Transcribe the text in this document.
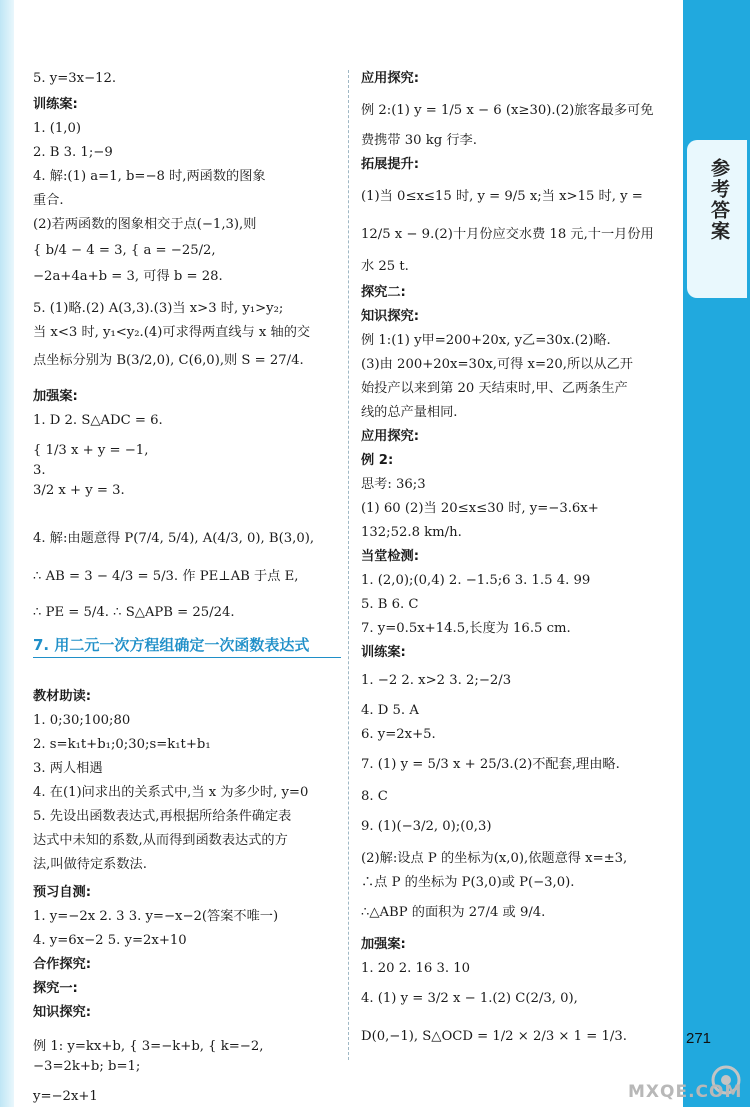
参考答案
5. y=3x−12.
训练案:
1. (1,0)
2. B 3. 1;−9
4. 解:(1) a=1, b=−8 时,两函数的图象
重合.
(2)若两函数的图象相交于点(−1,3),则
{ b/4 − 4 = 3, { a = −25/2,
−2a+4a+b = 3, 可得 b = 28.
5. (1)略.(2) A(3,3).(3)当 x>3 时, y₁>y₂;
当 x<3 时, y₁<y₂.(4)可求得两直线与 x 轴的交
点坐标分别为 B(3/2,0), C(6,0),则 S = 27/4.
加强案:
1. D 2. S△ADC = 6.
{ 1/3 x + y = −1,
3.
3/2 x + y = 3.
4. 解:由题意得 P(7/4, 5/4), A(4/3, 0), B(3,0),
∴ AB = 3 − 4/3 = 5/3. 作 PE⊥AB 于点 E,
∴ PE = 5/4. ∴ S△APB = 25/24.
教材助读:
1. 0;30;100;80
2. s=k₁t+b₁;0;30;s=k₁t+b₁
3. 两人相遇
4. 在(1)问求出的关系式中,当 x 为多少时, y=0
5. 先设出函数表达式,再根据所给条件确定表
达式中未知的系数,从而得到函数表达式的方
法,叫做待定系数法.
预习自测:
1. y=−2x 2. 3 3. y=−x−2(答案不唯一)
4. y=6x−2 5. y=2x+10
合作探究:
探究一:
知识探究:
例 1: y=kx+b, { 3=−k+b, { k=−2,
−3=2k+b; b=1;
y=−2x+1
7. 用二元一次方程组确定一次函数表达式
应用探究:
例 2:(1) y = 1/5 x − 6 (x≥30).(2)旅客最多可免
费携带 30 kg 行李.
拓展提升:
(1)当 0≤x≤15 时, y = 9/5 x;当 x>15 时, y =
12/5 x − 9.(2)十月份应交水费 18 元,十一月份用
水 25 t.
探究二:
知识探究:
例 1:(1) y甲=200+20x, y乙=30x.(2)略.
(3)由 200+20x=30x,可得 x=20,所以从乙开
始投产以来到第 20 天结束时,甲、乙两条生产
线的总产量相同.
应用探究:
例 2:
思考: 36;3
(1) 60 (2)当 20≤x≤30 时, y=−3.6x+
132;52.8 km/h.
当堂检测:
1. (2,0);(0,4) 2. −1.5;6 3. 1.5 4. 99
5. B 6. C
7. y=0.5x+14.5,长度为 16.5 cm.
训练案:
1. −2 2. x>2 3. 2;−2/3
4. D 5. A
6. y=2x+5.
7. (1) y = 5/3 x + 25/3.(2)不配套,理由略.
8. C
9. (1)(−3/2, 0);(0,3)
(2)解:设点 P 的坐标为(x,0),依题意得 x=±3,
∴点 P 的坐标为 P(3,0)或 P(−3,0).
∴△ABP 的面积为 27/4 或 9/4.
加强案:
1. 20 2. 16 3. 10
4. (1) y = 3/2 x − 1.(2) C(2/3, 0),
D(0,−1), S△OCD = 1/2 × 2/3 × 1 = 1/3.	271
MXQE.COM
